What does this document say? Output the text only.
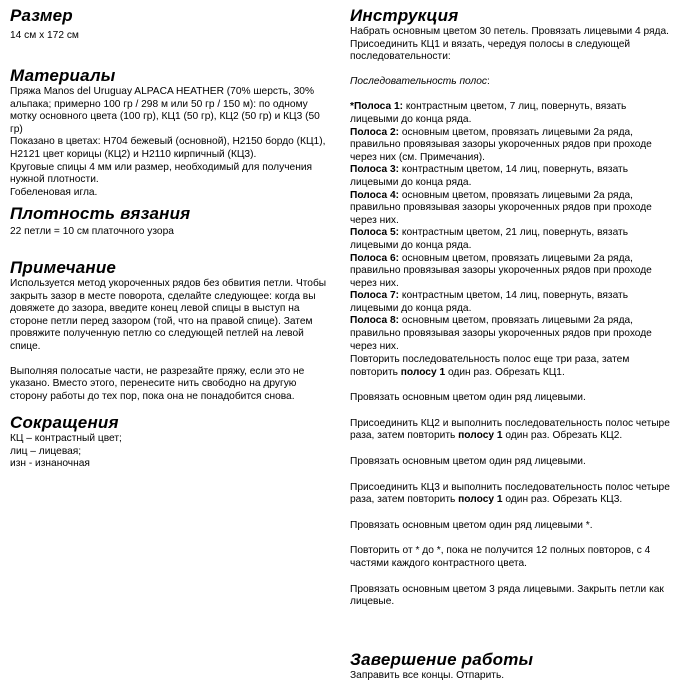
Размер

14 см x 172 см

Материалы

Пряжа Manos del Uruguay ALPACA HEATHER (70% шерсть, 30% альпака; примерно 100 гр / 298 м или 50 гр / 150 м): по одному мотку основного цвета (100 гр), КЦ1 (50 гр), КЦ2 (50 гр) и КЦ3 (50 гр)

Показано в цветах: H704 бежевый (основной), H2150 бордо (КЦ1), H2121 цвет корицы (КЦ2) и H2110 кирпичный (КЦ3).

Круговые спицы 4 мм или размер, необходимый для получения нужной плотности.

Гобеленовая игла.

Плотность вязания

22 петли = 10 см платочного узора

Примечание

Используется метод укороченных рядов без обвития петли. Чтобы закрыть зазор в месте поворота, сделайте следующее: когда вы довяжете до зазора, введите конец левой спицы в выступ на стороне петли перед зазором (той, что на правой спице). Затем провяжите полученную петлю со следующей петлей на левой спице.

Выполняя полосатые части, не разрезайте пряжу, если это не указано. Вместо этого, перенесите нить свободно на другую сторону работы до тех пор, пока она не понадобится снова.

Сокращения

КЦ – контрастный цвет;

лиц – лицевая;

изн - изнаночная

Инструкция

Набрать основным цветом 30 петель. Провязать лицевыми 4 ряда. Присоединить КЦ1 и вязать, чередуя полосы в следующей последовательности:

Последовательность полос:

*Полоса 1: контрастным цветом, 7 лиц, повернуть, вязать лицевыми до конца ряда.

Полоса 2: основным цветом, провязать лицевыми 2а ряда, правильно провязывая зазоры укороченных рядов при проходе через них (см. Примечания).

Полоса 3: контрастным цветом, 14 лиц, повернуть, вязать лицевыми до конца ряда.

Полоса 4: основным цветом, провязать лицевыми 2а ряда, правильно провязывая зазоры укороченных рядов при проходе через них.

Полоса 5: контрастным цветом, 21 лиц, повернуть, вязать лицевыми до конца ряда.

Полоса 6: основным цветом, провязать лицевыми 2а ряда, правильно провязывая зазоры укороченных рядов при проходе через них.

Полоса 7: контрастным цветом, 14 лиц, повернуть, вязать лицевыми до конца ряда.

Полоса 8: основным цветом, провязать лицевыми 2а ряда, правильно провязывая зазоры укороченных рядов при проходе через них.

Повторить последовательность полос еще три раза, затем повторить полосу 1 один раз. Обрезать КЦ1.

Провязать основным цветом один ряд лицевыми.

Присоединить КЦ2 и выполнить последовательность полос четыре раза, затем повторить полосу 1 один раз. Обрезать КЦ2.

Провязать основным цветом один ряд лицевыми.

Присоединить КЦ3 и выполнить последовательность полос четыре раза, затем повторить полосу 1 один раз. Обрезать КЦ3.

Провязать основным цветом один ряд лицевыми *.

Повторить от * до *, пока не получится 12 полных повторов, с 4 частями каждого контрастного цвета.

Провязать основным цветом 3 ряда лицевыми. Закрыть петли как лицевые.

Завершение работы

Заправить все концы. Отпарить.
